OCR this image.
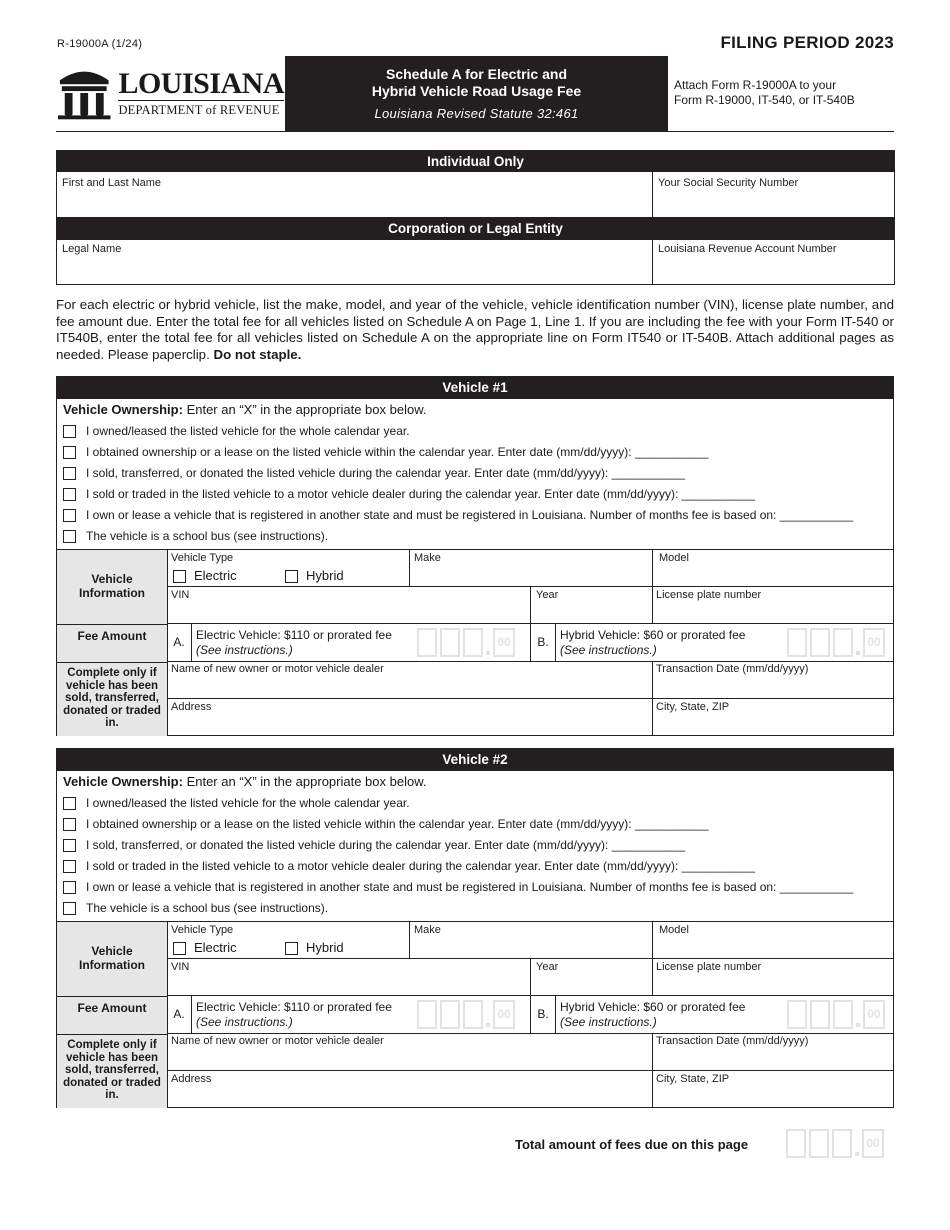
R-19000A (1/24)	FILING PERIOD 2023
LOUISIANA
DEPARTMENT of REVENUE
Schedule A for Electric and
Hybrid Vehicle Road Usage Fee
Louisiana Revised Statute 32:461
Attach Form R-19000A to your
Form R-19000, IT-540, or IT-540B
Individual Only
First and Last Name	Your Social Security Number
Corporation or Legal Entity
Legal Name	Louisiana Revenue Account Number
For each electric or hybrid vehicle, list the make, model, and year of the vehicle, vehicle identification number (VIN), license plate number, and fee amount due. Enter the total fee for all vehicles listed on Schedule A on Page 1, Line 1. If you are including the fee with your Form IT-540 or IT540B, enter the total fee for all vehicles listed on Schedule A on the appropriate line on Form IT540 or IT-540B. Attach additional pages as needed. Please paperclip. Do not staple.
Vehicle #1
Vehicle Ownership: Enter an “X” in the appropriate box below.
I owned/leased the listed vehicle for the whole calendar year.
I obtained ownership or a lease on the listed vehicle within the calendar year. Enter date (mm/dd/yyyy): ___________
I sold, transferred, or donated the listed vehicle during the calendar year. Enter date (mm/dd/yyyy): ___________
I sold or traded in the listed vehicle to a motor vehicle dealer during the calendar year. Enter date (mm/dd/yyyy): ___________
I own or lease a vehicle that is registered in another state and must be registered in Louisiana. Number of months fee is based on: ___________
The vehicle is a school bus (see instructions).
Vehicle Information
Vehicle Type
Electric	Hybrid
Make	Model
VIN	Year	License plate number
Fee Amount	A. Electric Vehicle: $110 or prorated fee
(See instructions.)
00	B. Hybrid Vehicle: $60 or prorated fee
(See instructions.)
00
Complete only if vehicle has been sold, transferred, donated or traded in.
Name of new owner or motor vehicle dealer	Transaction Date (mm/dd/yyyy)
Address	City, State, ZIP
Vehicle #2
Vehicle Ownership: Enter an “X” in the appropriate box below.
I owned/leased the listed vehicle for the whole calendar year.
I obtained ownership or a lease on the listed vehicle within the calendar year. Enter date (mm/dd/yyyy): ___________
I sold, transferred, or donated the listed vehicle during the calendar year. Enter date (mm/dd/yyyy): ___________
I sold or traded in the listed vehicle to a motor vehicle dealer during the calendar year. Enter date (mm/dd/yyyy): ___________
I own or lease a vehicle that is registered in another state and must be registered in Louisiana. Number of months fee is based on: ___________
The vehicle is a school bus (see instructions).
Vehicle Information
Vehicle Type
Electric	Hybrid
Make	Model
VIN	Year	License plate number
Fee Amount	A. Electric Vehicle: $110 or prorated fee
(See instructions.)
00	B. Hybrid Vehicle: $60 or prorated fee
(See instructions.)
00
Complete only if vehicle has been sold, transferred, donated or traded in.
Name of new owner or motor vehicle dealer	Transaction Date (mm/dd/yyyy)
Address	City, State, ZIP
Total amount of fees due on this page	00
